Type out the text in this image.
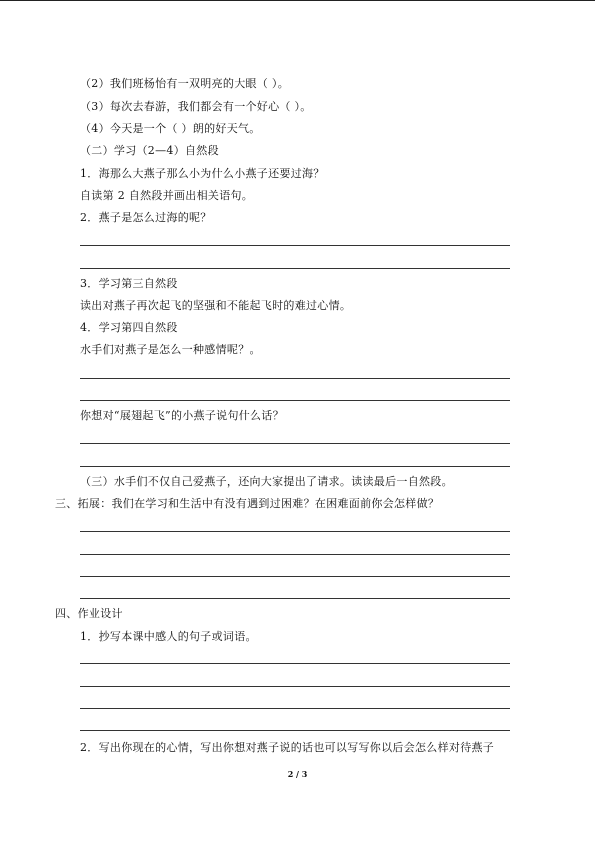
（2）我们班杨怡有一双明亮的大眼（ ）。
（3）每次去春游，我们都会有一个好心（ ）。
（4）今天是一个（ ）朗的好天气。
（二）学习（2—4）自然段
1．海那么大燕子那么小为什么小燕子还要过海？
自读第 2 自然段并画出相关语句。
2．燕子是怎么过海的呢？
3．学习第三自然段
读出对燕子再次起飞的坚强和不能起飞时的难过心情。
4．学习第四自然段
水手们对燕子是怎么一种感情呢？。
你想对“展翅起飞”的小燕子说句什么话？
（三）水手们不仅自己爱燕子，还向大家提出了请求。读读最后一自然段。
三、拓展：我们在学习和生活中有没有遇到过困难？在困难面前你会怎样做？
四、作业设计
1．抄写本课中感人的句子或词语。
2．写出你现在的心情，写出你想对燕子说的话也可以写写你以后会怎么样对待燕子
2 / 3
